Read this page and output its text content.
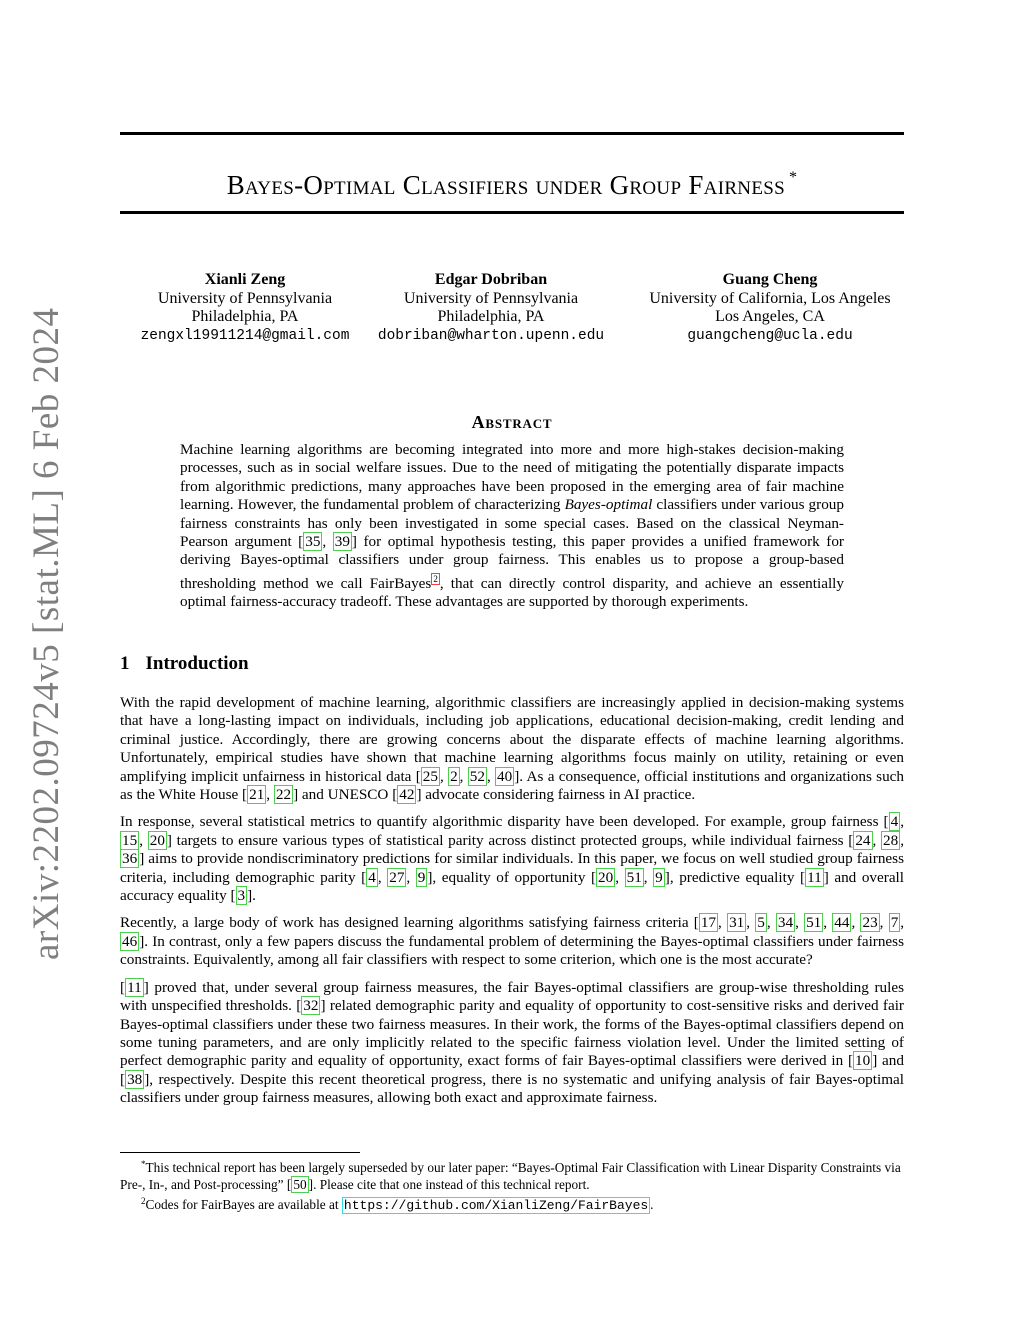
arXiv:2202.09724v5 [stat.ML] 6 Feb 2024
Bayes-Optimal Classifiers under Group Fairness *
Xianli Zeng
University of Pennsylvania
Philadelphia, PA
zengxl19911214@gmail.com
Edgar Dobriban
University of Pennsylvania
Philadelphia, PA
dobriban@wharton.upenn.edu
Guang Cheng
University of California, Los Angeles
Los Angeles, CA
guangcheng@ucla.edu
Abstract
Machine learning algorithms are becoming integrated into more and more high-stakes decision-making processes, such as in social welfare issues. Due to the need of mitigating the potentially disparate impacts from algorithmic predictions, many approaches have been proposed in the emerging area of fair machine learning. However, the fundamental problem of characterizing Bayes-optimal classifiers under various group fairness constraints has only been investigated in some special cases. Based on the classical Neyman-Pearson argument [ 35 , 39 ] for optimal hypothesis testing, this paper provides a unified framework for deriving Bayes-optimal classifiers under group fairness. This enables us to propose a group-based thresholding method we call FairBayes $^2$ , that can directly control disparity, and achieve an essentially optimal fairness-accuracy tradeoff. These advantages are supported by thorough experiments.
1 Introduction

With the rapid development of machine learning, algorithmic classifiers are increasingly applied in decision-making systems that have a long-lasting impact on individuals, including job applications, educational decision-making, credit lending and criminal justice. Accordingly, there are growing concerns about the disparate effects of machine learning algorithms. Unfortunately, empirical studies have shown that machine learning algorithms focus mainly on utility, retaining or even amplifying implicit unfairness in historical data [ 25 , 2 , 52 , 40 ]. As a consequence, official institutions and organizations such as the White House [ 21 , 22 ] and UNESCO [ 42 ] advocate considering fairness in AI practice.

In response, several statistical metrics to quantify algorithmic disparity have been developed. For example, group fairness [ 4 , 15 , 20 ] targets to ensure various types of statistical parity across distinct protected groups, while individual fairness [ 24 , 28 , 36 ] aims to provide nondiscriminatory predictions for similar individuals. In this paper, we focus on well studied group fairness criteria, including demographic parity [ 4 , 27 , 9 ], equality of opportunity [ 20 , 51 , 9 ], predictive equality [ 11 ] and overall accuracy equality [ 3 ].

Recently, a large body of work has designed learning algorithms satisfying fairness criteria [ 17 , 31 , 5 , 34 , 51 , 44 , 23 , 7 , 46 ]. In contrast, only a few papers discuss the fundamental problem of determining the Bayes-optimal classifiers under fairness constraints. Equivalently, among all fair classifiers with respect to some criterion, which one is the most accurate?

[ 11 ] proved that, under several group fairness measures, the fair Bayes-optimal classifiers are group-wise thresholding rules with unspecified thresholds. [ 32 ] related demographic parity and equality of opportunity to cost-sensitive risks and derived fair Bayes-optimal classifiers under these two fairness measures. In their work, the forms of the Bayes-optimal classifiers depend on some tuning parameters, and are only implicitly related to the specific fairness violation level. Under the limited setting of perfect demographic parity and equality of opportunity, exact forms of fair Bayes-optimal classifiers were derived in [ 10 ] and [ 38 ], respectively. Despite this recent theoretical progress, there is no systematic and unifying analysis of fair Bayes-optimal classifiers under group fairness measures, allowing both exact and approximate fairness.

*This technical report has been largely superseded by our later paper: “Bayes-Optimal Fair Classification with Linear Disparity Constraints via Pre-, In-, and Post-processing” [ 50 ]. Please cite that one instead of this technical report.

$^2$Codes for FairBayes are available at https://github.com/XianliZeng/FairBayes .
